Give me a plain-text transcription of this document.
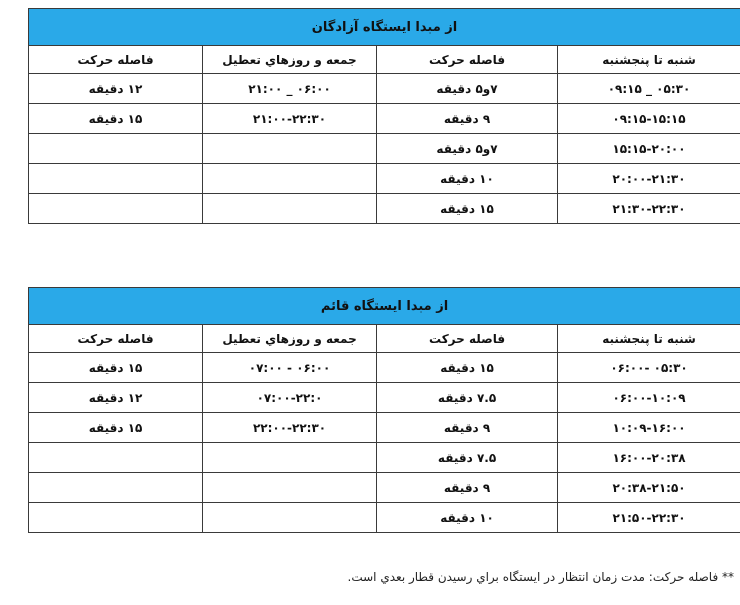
از مبدا ايستگاه آزادگان			
شنبه تا پنجشنبه	فاصله حركت	جمعه و روزهاي تعطيل	فاصله حركت
۰۵:۳۰ _ ۰۹:۱۵	۷و۵ دقيقه	۰۶:۰۰ _ ۲۱:۰۰	۱۲ دقيقه
۰۹:۱۵-۱۵:۱۵	۹ دقيقه	۲۱:۰۰-۲۲:۳۰	۱۵ دقيقه
۱۵:۱۵-۲۰:۰۰	۷و۵ دقيقه		
۲۰:۰۰-۲۱:۳۰	۱۰ دقيقه		
۲۱:۳۰-۲۲:۳۰	۱۵ دقيقه		
از مبدا ايستگاه قائم			
شنبه تا پنجشنبه	فاصله حركت	جمعه و روزهاي تعطيل	فاصله حركت
۰۵:۳۰ -۰۶:۰۰	۱۵ دقيقه	۰۶:۰۰ - ۰۷:۰۰	۱۵ دقيقه
۰۶:۰۰-۱۰:۰۹	۷.۵ دقيقه	۰۷:۰۰-۲۲:۰	۱۲ دقيقه
۱۰:۰۹-۱۶:۰۰	۹ دقيقه	۲۲:۰۰-۲۲:۳۰	۱۵ دقيقه
۱۶:۰۰-۲۰:۳۸	۷.۵ دقيقه		
۲۰:۳۸-۲۱:۵۰	۹ دقيقه		
۲۱:۵۰-۲۲:۳۰	۱۰ دقيقه		
** فاصله حركت: مدت زمان انتظار در ايستگاه براي رسيدن قطار بعدي است.
